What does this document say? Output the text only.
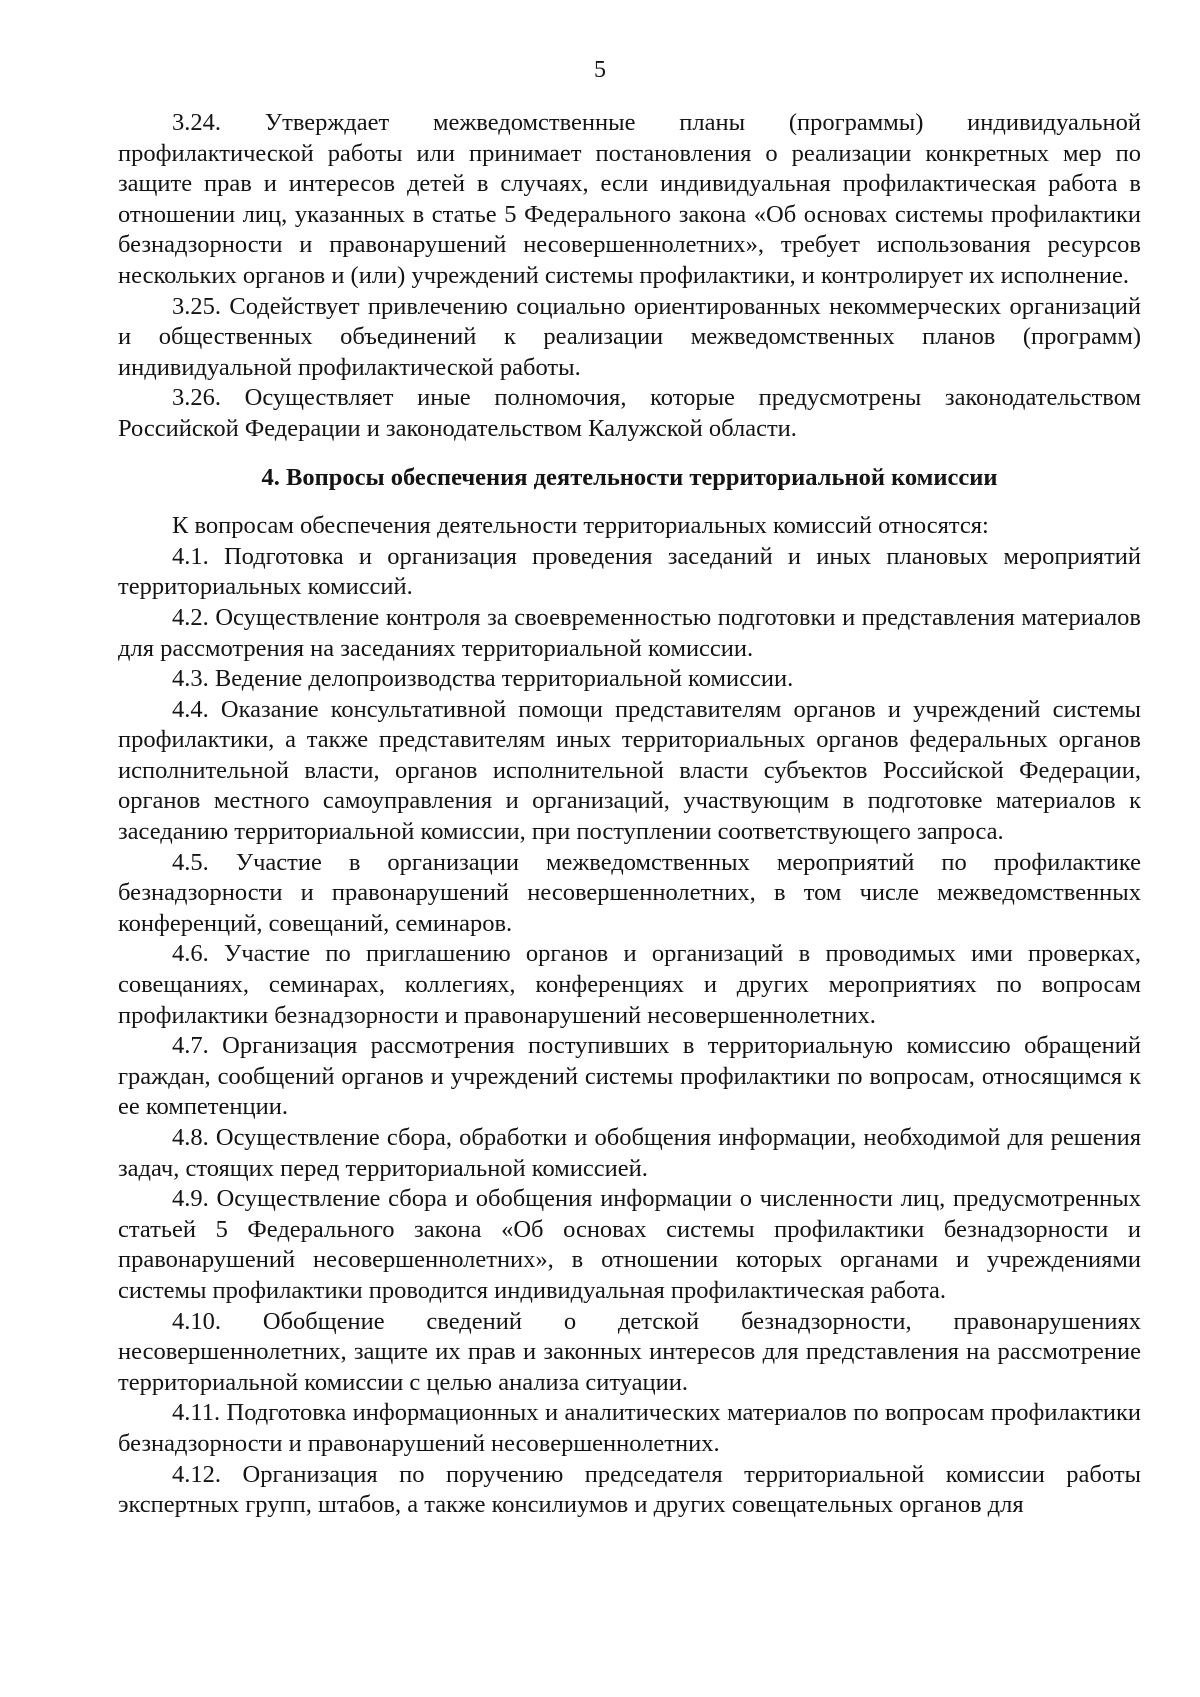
5

3.24. Утверждает межведомственные планы (программы) индивидуальной профилактической работы или принимает постановления о реализации конкретных мер по защите прав и интересов детей в случаях, если индивидуальная профилактическая работа в отношении лиц, указанных в статье 5 Федерального закона «Об основах системы профилактики безнадзорности и правонарушений несовершеннолетних», требует использования ресурсов нескольких органов и (или) учреждений системы профилактики, и контролирует их исполнение.

3.25. Содействует привлечению социально ориентированных некоммерческих организаций и общественных объединений к реализации межведомственных планов (программ) индивидуальной профилактической работы.

3.26. Осуществляет иные полномочия, которые предусмотрены законодательством Российской Федерации и законодательством Калужской области.

4. Вопросы обеспечения деятельности территориальной комиссии

К вопросам обеспечения деятельности территориальных комиссий относятся:

4.1. Подготовка и организация проведения заседаний и иных плановых мероприятий территориальных комиссий.

4.2. Осуществление контроля за своевременностью подготовки и представления материалов для рассмотрения на заседаниях территориальной комиссии.

4.3. Ведение делопроизводства территориальной комиссии.

4.4. Оказание консультативной помощи представителям органов и учреждений системы профилактики, а также представителям иных территориальных органов федеральных органов исполнительной власти, органов исполнительной власти субъектов Российской Федерации, органов местного самоуправления и организаций, участвующим в подготовке материалов к заседанию территориальной комиссии, при поступлении соответствующего запроса.

4.5. Участие в организации межведомственных мероприятий по профилактике безнадзорности и правонарушений несовершеннолетних, в том числе межведомственных конференций, совещаний, семинаров.

4.6. Участие по приглашению органов и организаций в проводимых ими проверках, совещаниях, семинарах, коллегиях, конференциях и других мероприятиях по вопросам профилактики безнадзорности и правонарушений несовершеннолетних.

4.7. Организация рассмотрения поступивших в территориальную комиссию обращений граждан, сообщений органов и учреждений системы профилактики по вопросам, относящимся к ее компетенции.

4.8. Осуществление сбора, обработки и обобщения информации, необходимой для решения задач, стоящих перед территориальной комиссией.

4.9. Осуществление сбора и обобщения информации о численности лиц, предусмотренных статьей 5 Федерального закона «Об основах системы профилактики безнадзорности и правонарушений несовершеннолетних», в отношении которых органами и учреждениями системы профилактики проводится индивидуальная профилактическая работа.

4.10. Обобщение сведений о детской безнадзорности, правонарушениях несовершеннолетних, защите их прав и законных интересов для представления на рассмотрение территориальной комиссии с целью анализа ситуации.

4.11. Подготовка информационных и аналитических материалов по вопросам профилактики безнадзорности и правонарушений несовершеннолетних.

4.12. Организация по поручению председателя территориальной комиссии работы экспертных групп, штабов, а также консилиумов и других совещательных органов для
